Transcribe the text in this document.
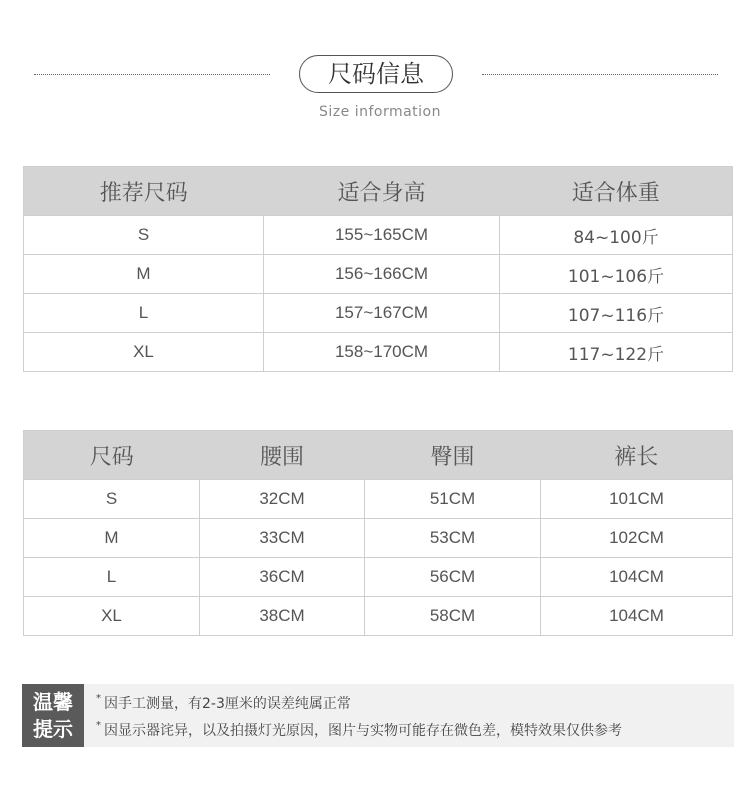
尺码信息
Size information
推荐尺码	适合身高	适合体重
S	155~165CM	84~100斤
M	156~166CM	101~106斤
L	157~167CM	107~116斤
XL	158~170CM	117~122斤
尺码	腰围	臀围	裤长
S	32CM	51CM	101CM
M	33CM	53CM	102CM
L	36CM	56CM	104CM
XL	38CM	58CM	104CM
温馨
提示
* 因手工测量，有2-3厘米的误差纯属正常
* 因显示器诧异，以及拍摄灯光原因，图片与实物可能存在微色差，模特效果仅供参考
